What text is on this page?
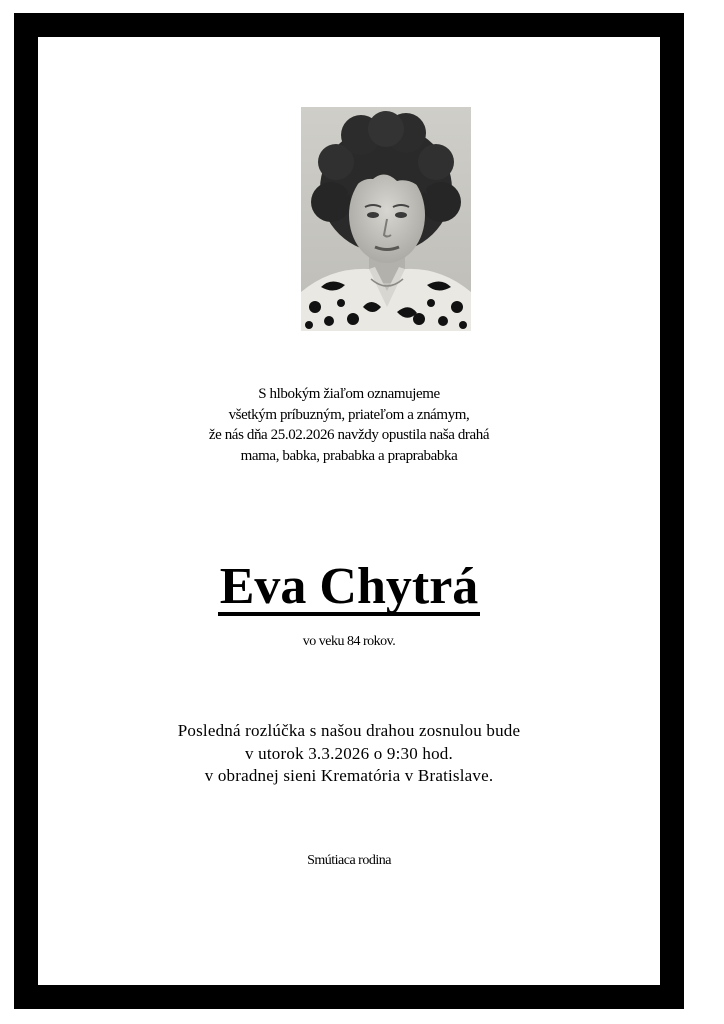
S hlbokým žiaľom oznamujeme
všetkým príbuzným, priateľom a známym,
že nás dňa 25.02.2026 navždy opustila naša drahá
mama, babka, prababka a praprababka
Eva Chytrá
vo veku 84 rokov.
Posledná rozlúčka s našou drahou zosnulou bude
v utorok 3.3.2026 o 9:30 hod.
v obradnej sieni Krematória v Bratislave.
Smútiaca rodina
